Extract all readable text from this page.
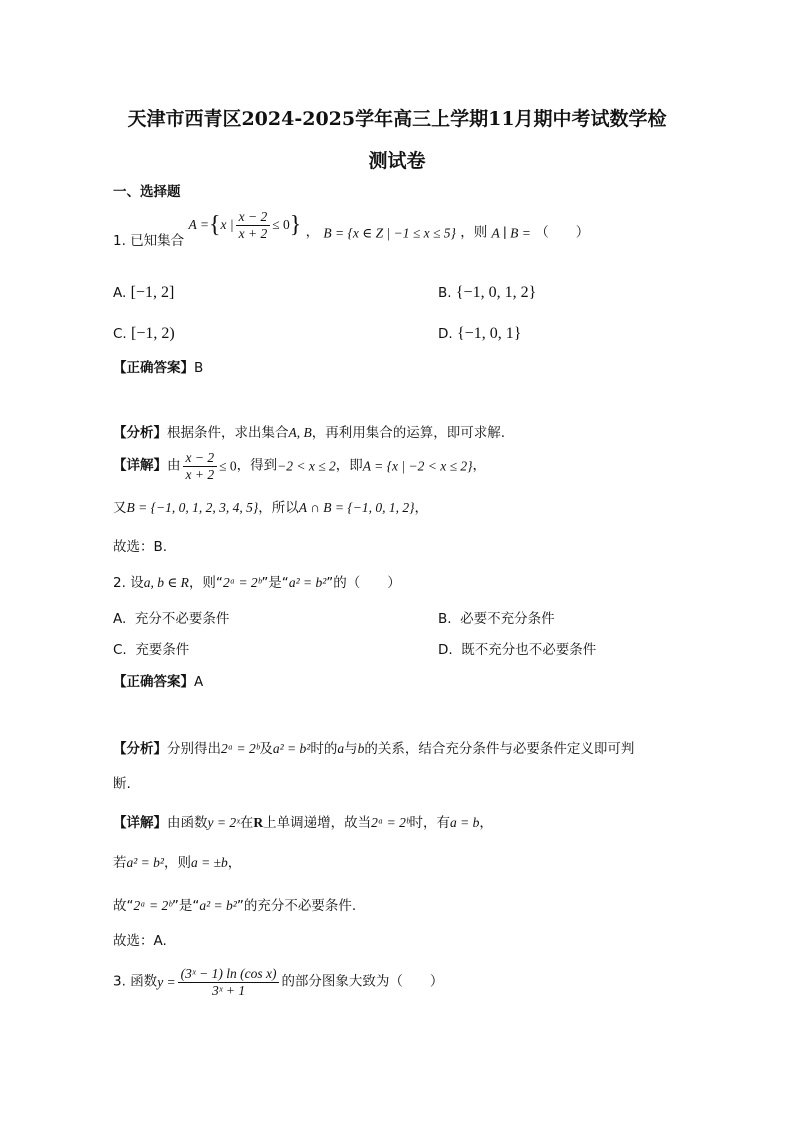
天津市西青区2024-2025学年高三上学期11月期中考试数学检
测试卷
一、选择题
1. 已知集合 A ={x | $\frac{x - 2}{x + 2} \le 0$} ， B = {x ∈ Z | −1 ≤ x ≤ 5} ，则 A ∣ B = （　　）
A. [−1, 2]	B. {−1, 0, 1, 2}
C. [−1, 2)	D. {−1, 0, 1}
【正确答案】B
【分析】根据条件，求出集合A, B，再利用集合的运算，即可求解.
【详解】由 $\frac{x - 2}{x + 2} \le 0$，得到−2 < x ≤ 2，即A = {x | −2 < x ≤ 2}，
又B = {−1, 0, 1, 2, 3, 4, 5}，所以A ∩ B = {−1, 0, 1, 2}，
故选：B.
2. 设a, b ∈ R，则“2ᵃ = 2ᵇ”是“a² = b²”的（　　）
A. 充分不必要条件	B. 必要不充分条件
C. 充要条件	D. 既不充分也不必要条件
【正确答案】A
【分析】分别得出2ᵃ = 2ᵇ及a² = b²时的a与b的关系，结合充分条件与必要条件定义即可判
断.
【详解】由函数y = 2ˣ在R上单调递增，故当2ᵃ = 2ᵇ时，有a = b，
若a² = b²，则a = ±b，
故“2ᵃ = 2ᵇ”是“a² = b²”的充分不必要条件.
故选：A.
3. 函数$y = \frac{\text{(3ˣ − 1) ln (cos x)}}{\text{3ˣ + 1}}$ 的部分图象大致为（　　）
